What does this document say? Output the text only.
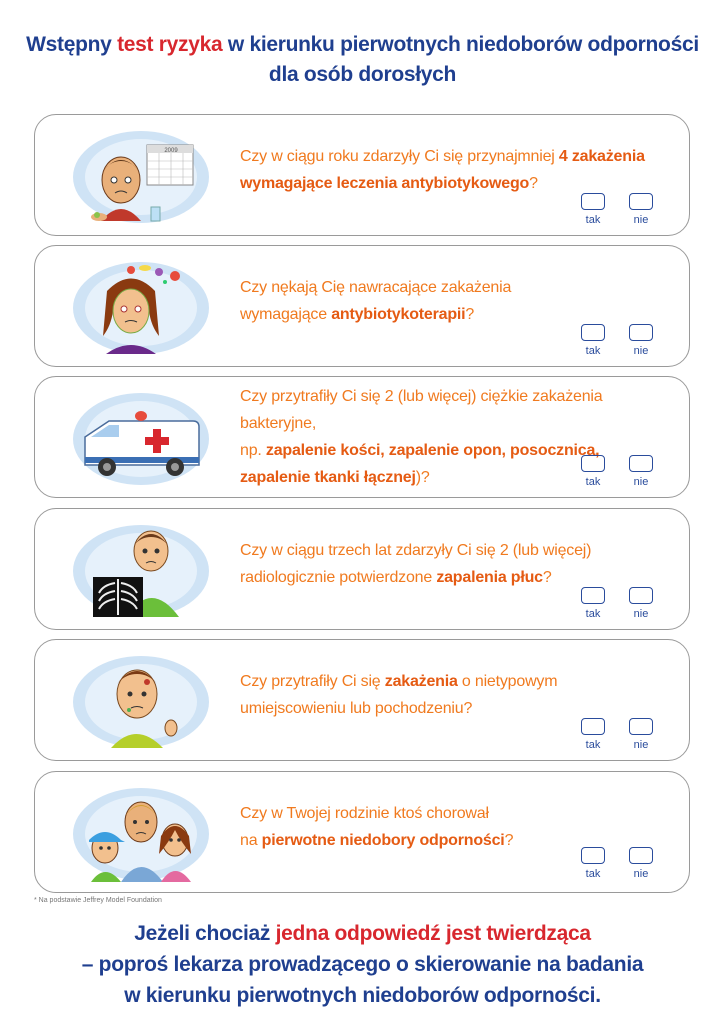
Wstępny test ryzyka w kierunku pierwotnych niedoborów odporności
dla osób dorosłych
2009	Czy w ciągu roku zdarzyły Ci się przynajmniej 4 zakażenia
wymagające leczenia antybiotykowego?
tak	nie
Czy nękają Cię nawracające zakażenia
wymagające antybiotykoterapii?
tak	nie
Czy przytrafiły Ci się 2 (lub więcej) ciężkie zakażenia bakteryjne,
np. zapalenie kości, zapalenie opon, posocznica,
zapalenie tkanki łącznej)?	tak	nie
Czy w ciągu trzech lat zdarzyły Ci się 2 (lub więcej)
radiologicznie potwierdzone zapalenia płuc?
tak	nie
Czy przytrafiły Ci się zakażenia o nietypowym
umiejscowieniu lub pochodzeniu?
tak	nie
Czy w Twojej rodzinie ktoś chorował
na pierwotne niedobory odporności?
tak	nie
* Na podstawie Jeffrey Model Foundation
Jeżeli chociaż jedna odpowiedź jest twierdząca
– poproś lekarza prowadzącego o skierowanie na badania
w kierunku pierwotnych niedoborów odporności.
